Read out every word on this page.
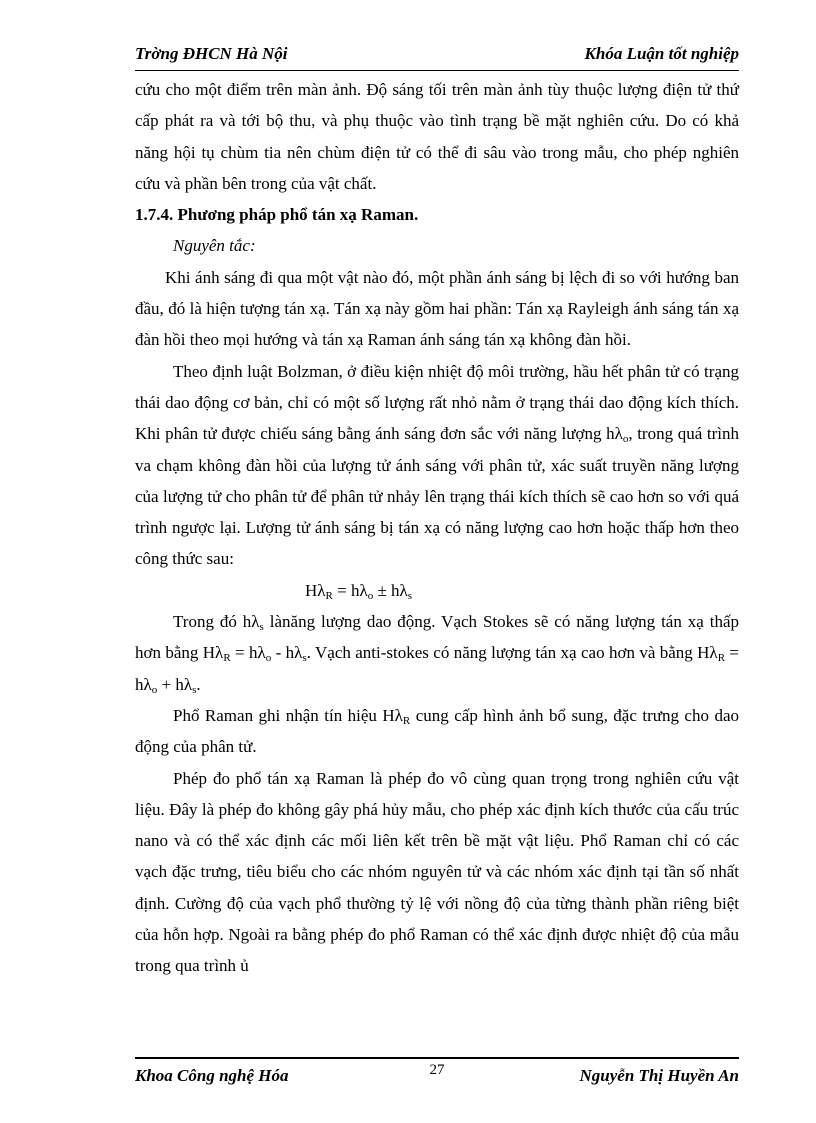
Trờng ĐHCN Hà Nội	Khóa Luận tốt nghiệp

cứu cho một điểm trên màn ảnh. Độ sáng tối trên màn ảnh tùy thuộc lượng điện tử thứ cấp phát ra và tới bộ thu, và phụ thuộc vào tình trạng bề mặt nghiên cứu. Do có khả năng hội tụ chùm tia nên chùm điện tử có thể đi sâu vào trong mẫu, cho phép nghiên cứu và phần bên trong của vật chất.

1.7.4. Phương pháp phổ tán xạ Raman.

Nguyên tắc:

Khi ánh sáng đi qua một vật nào đó, một phần ánh sáng bị lệch đi so với hướng ban đầu, đó là hiện tượng tán xạ. Tán xạ này gồm hai phần: Tán xạ Rayleigh ánh sáng tán xạ đàn hồi theo mọi hướng và tán xạ Raman ánh sáng tán xạ không đàn hồi.

Theo định luật Bolzman, ở điều kiện nhiệt độ môi trường, hầu hết phân tử có trạng thái dao động cơ bản, chỉ có một số lượng rất nhỏ nằm ở trạng thái dao động kích thích. Khi phân tử được chiếu sáng bằng ánh sáng đơn sắc với năng lượng $h\lambda_o$, trong quá trình va chạm không đàn hồi của lượng tử ánh sáng với phân tử, xác suất truyền năng lượng của lượng tử cho phân tử để phân tử nhảy lên trạng thái kích thích sẽ cao hơn so với quá trình ngược lại. Lượng tử ánh sáng bị tán xạ có năng lượng cao hơn hoặc thấp hơn theo công thức sau:

$H\lambda_R = h\lambda_o \pm h\lambda_s$

Trong đó $h\lambda_s$ lànăng lượng dao động. Vạch Stokes sẽ có năng lượng tán xạ thấp hơn bằng $H\lambda_R = h\lambda_o - h\lambda_s$. Vạch anti-stokes có năng lượng tán xạ cao hơn và bằng $H\lambda_R = h\lambda_o + h\lambda_s$.

Phổ Raman ghi nhận tín hiệu $H\lambda_R$ cung cấp hình ảnh bổ sung, đặc trưng cho dao động của phân tử.

Phép đo phổ tán xạ Raman là phép đo vô cùng quan trọng trong nghiên cứu vật liệu. Đây là phép đo không gây phá hủy mẫu, cho phép xác định kích thước của cấu trúc nano và có thể xác định các mối liên kết trên bề mặt vật liệu. Phổ Raman chỉ có các vạch đặc trưng, tiêu biểu cho các nhóm nguyên tử và các nhóm xác định tại tần số nhất định. Cường độ của vạch phổ thường tỷ lệ với nồng độ của từng thành phần riêng biệt của hỗn hợp. Ngoài ra bằng phép đo phổ Raman có thể xác định được nhiệt độ của mẫu trong qua trình ủ

Khoa Công nghệ Hóa	27	Nguyễn Thị Huyền An
